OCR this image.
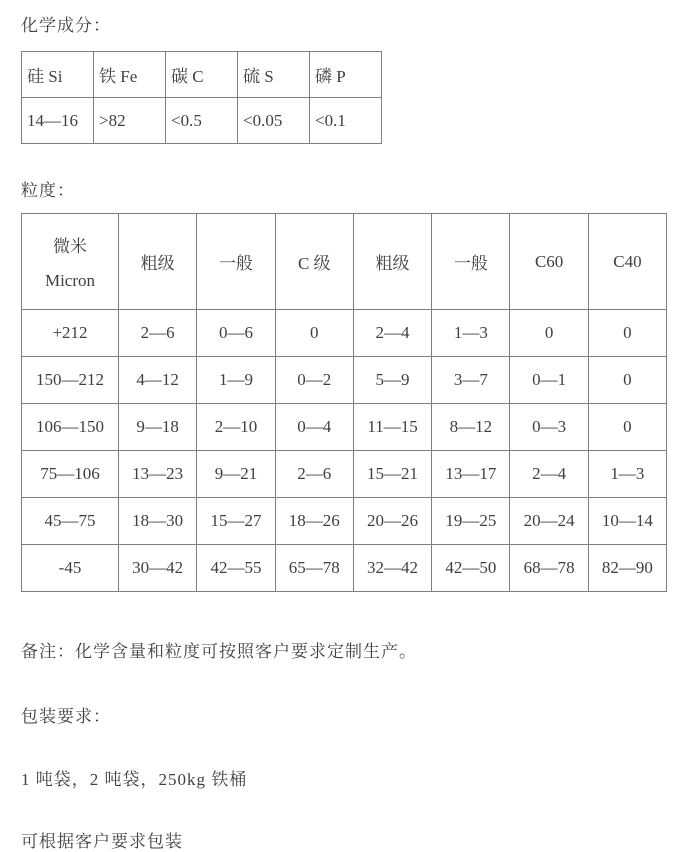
化学成分：
硅 Si	铁 Fe	碳 C	硫 S	磷 P
14—16	>82	<0.5	<0.05	<0.1
粒度：
微米
Micron	粗级	一般	C 级	粗级	一般	C60	C40
+212	2—6	0—6	0	2—4	1—3	0	0
150—212	4—12	1—9	0—2	5—9	3—7	0—1	0
106—150	9—18	2—10	0—4	11—15	8—12	0—3	0
75—106	13—23	9—21	2—6	15—21	13—17	2—4	1—3
45—75	18—30	15—27	18—26	20—26	19—25	20—24	10—14
-45	30—42	42—55	65—78	32—42	42—50	68—78	82—90
备注：化学含量和粒度可按照客户要求定制生产。
包装要求：
1 吨袋，2 吨袋，250kg 铁桶
可根据客户要求包装
